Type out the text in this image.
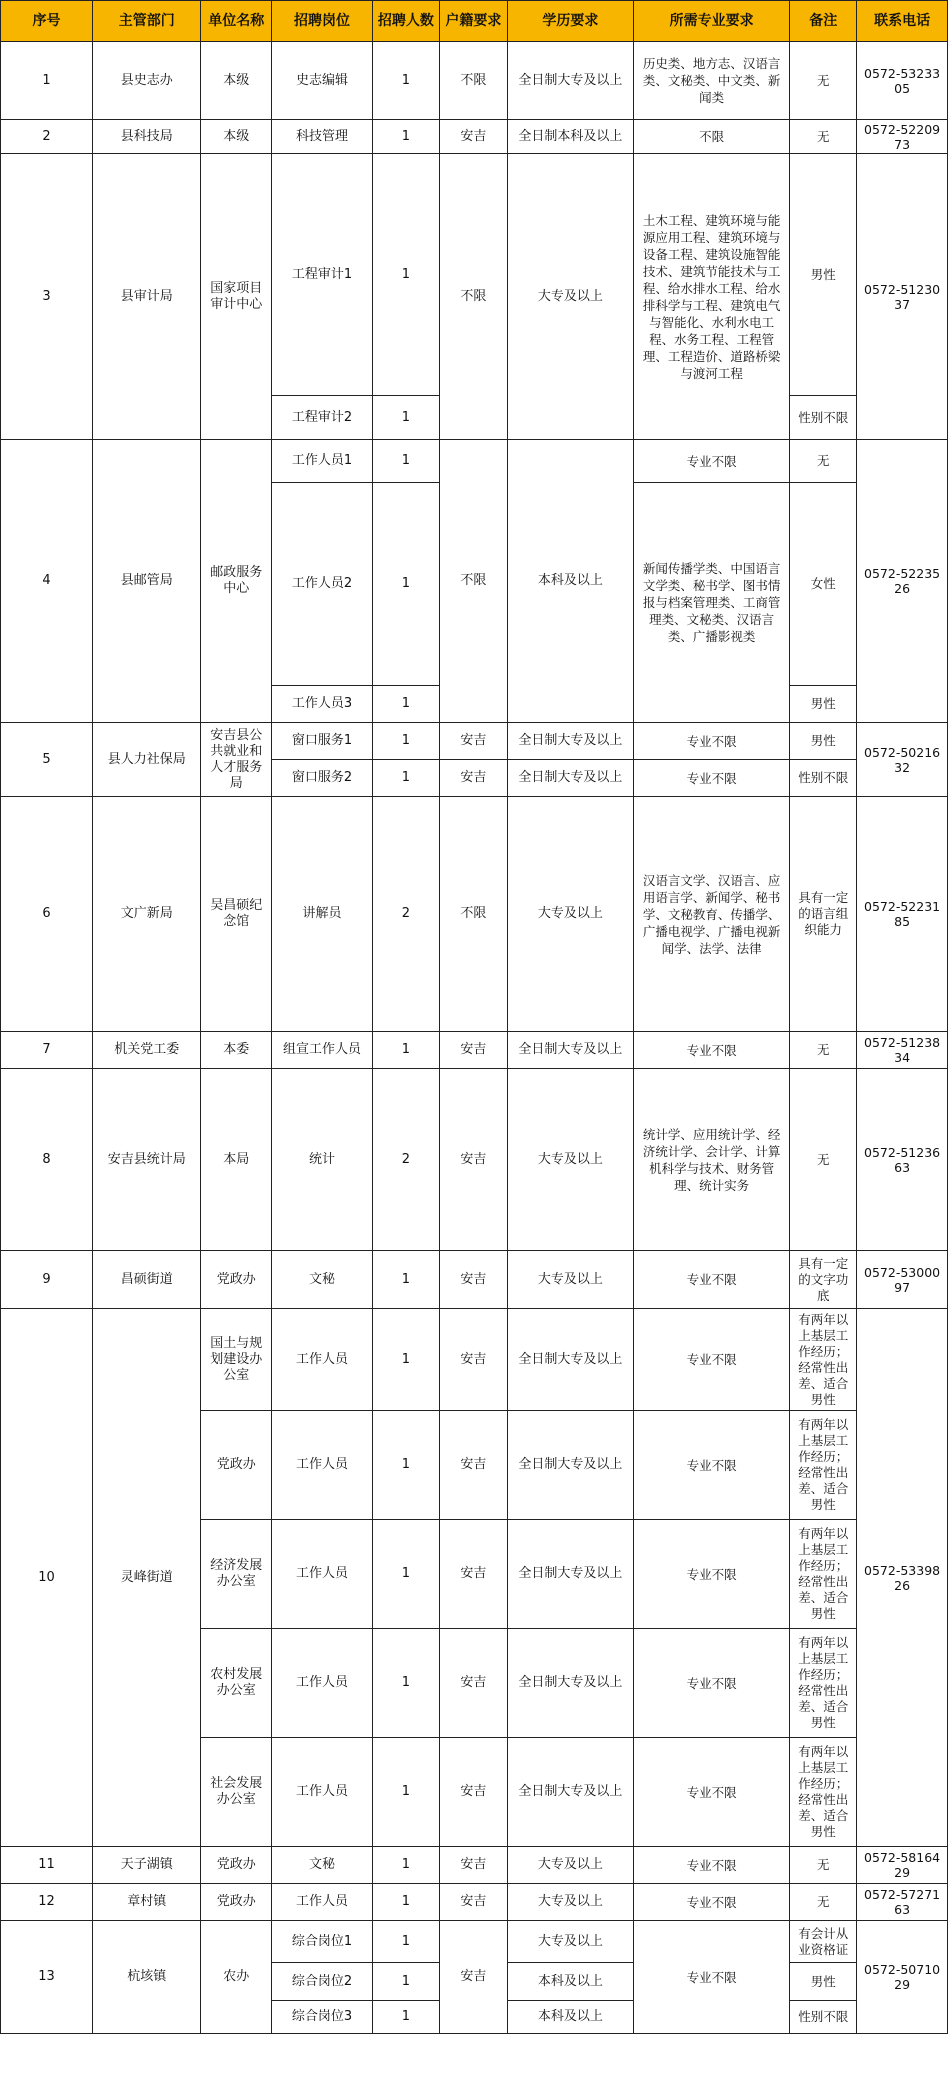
序号	主管部门	单位名称	招聘岗位	招聘人数	户籍要求	学历要求	所需专业要求	备注	联系电话
1	县史志办	本级	史志编辑	1	不限	全日制大专及以上	历史类、地方志、汉语言类、文秘类、中文类、新闻类	无	0572-5323305
2	县科技局	本级	科技管理	1	安吉	全日制本科及以上	不限	无	0572-5220973
3	县审计局	国家项目审计中心	工程审计1	1	不限	大专及以上	土木工程、建筑环境与能源应用工程、建筑环境与设备工程、建筑设施智能技术、建筑节能技术与工程、给水排水工程、给水排科学与工程、建筑电气与智能化、水利水电工程、水务工程、工程管理、工程造价、道路桥梁与渡河工程	男性	0572-5123037
			工程审计2	1				性别不限	
4	县邮管局	邮政服务中心	工作人员1	1	不限	本科及以上	专业不限	无	0572-5223526
			工作人员2	1			新闻传播学类、中国语言文学类、秘书学、图书情报与档案管理类、工商管理类、文秘类、汉语言类、广播影视类	女性	
			工作人员3	1				男性	
5	县人力社保局	安吉县公共就业和人才服务局	窗口服务1	1	安吉	全日制大专及以上	专业不限	男性	0572-5021632
			窗口服务2	1	安吉	全日制大专及以上	专业不限	性别不限	
6	文广新局	吴昌硕纪念馆	讲解员	2	不限	大专及以上	汉语言文学、汉语言、应用语言学、新闻学、秘书学、文秘教育、传播学、广播电视学、广播电视新闻学、法学、法律	具有一定的语言组织能力	0572-5223185
7	机关党工委	本委	组宣工作人员	1	安吉	全日制大专及以上	专业不限	无	0572-5123834
8	安吉县统计局	本局	统计	2	安吉	大专及以上	统计学、应用统计学、经济统计学、会计学、计算机科学与技术、财务管理、统计实务	无	0572-5123663
9	昌硕街道	党政办	文秘	1	安吉	大专及以上	专业不限	具有一定的文字功底	0572-5300097
10	灵峰街道	国土与规划建设办公室	工作人员	1	安吉	全日制大专及以上	专业不限	有两年以上基层工作经历；经常性出差、适合男性	0572-5339826
		党政办	工作人员	1	安吉	全日制大专及以上	专业不限	有两年以上基层工作经历；经常性出差、适合男性	
		经济发展办公室	工作人员	1	安吉	全日制大专及以上	专业不限	有两年以上基层工作经历；经常性出差、适合男性	
		农村发展办公室	工作人员	1	安吉	全日制大专及以上	专业不限	有两年以上基层工作经历；经常性出差、适合男性	
		社会发展办公室	工作人员	1	安吉	全日制大专及以上	专业不限	有两年以上基层工作经历；经常性出差、适合男性	
11	天子湖镇	党政办	文秘	1	安吉	大专及以上	专业不限	无	0572-5816429
12	章村镇	党政办	工作人员	1	安吉	大专及以上	专业不限	无	0572-5727163
13	杭垓镇	农办	综合岗位1	1	安吉	大专及以上	专业不限	有会计从业资格证	0572-5071029
			综合岗位2	1		本科及以上		男性	
			综合岗位3	1		本科及以上		性别不限	
